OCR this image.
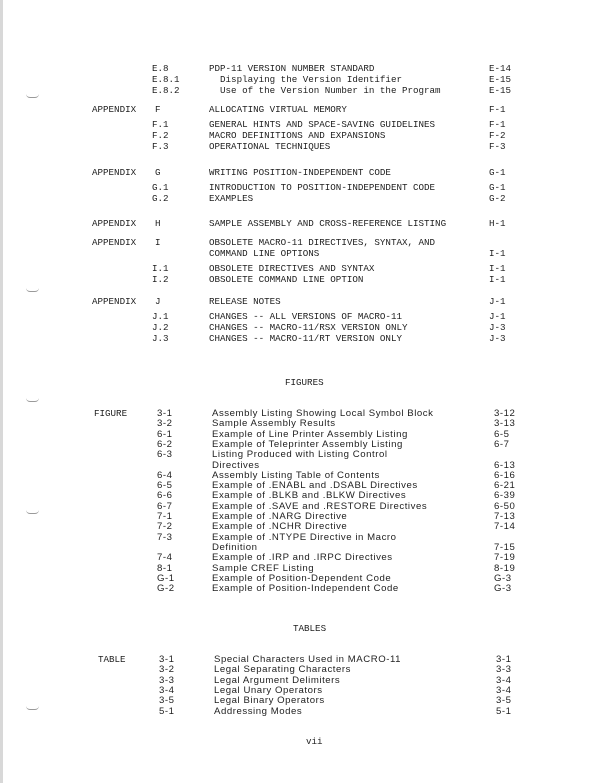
E.8	PDP-11 VERSION NUMBER STANDARD	E-14
E.8.1	Displaying the Version Identifier	E-15
E.8.2	Use of the Version Number in the Program	E-15
APPENDIX F	ALLOCATING VIRTUAL MEMORY	F-1
F.1	GENERAL HINTS AND SPACE-SAVING GUIDELINES	F-1
F.2	MACRO DEFINITIONS AND EXPANSIONS	F-2
F.3	OPERATIONAL TECHNIQUES	F-3
APPENDIX G	WRITING POSITION-INDEPENDENT CODE	G-1
G.1	INTRODUCTION TO POSITION-INDEPENDENT CODE	G-1
G.2	EXAMPLES	G-2
APPENDIX H	SAMPLE ASSEMBLY AND CROSS-REFERENCE LISTING	H-1
APPENDIX I	OBSOLETE MACRO-11 DIRECTIVES, SYNTAX, AND
COMMAND LINE OPTIONS	I-1
I.1	OBSOLETE DIRECTIVES AND SYNTAX	I-1
I.2	OBSOLETE COMMAND LINE OPTION	I-1
APPENDIX J	RELEASE NOTES	J-1
J.1	CHANGES -- ALL VERSIONS OF MACRO-11	J-1
J.2	CHANGES -- MACRO-11/RSX VERSION ONLY	J-3
J.3	CHANGES -- MACRO-11/RT VERSION ONLY	J-3
FIGURES
FIGURE	3-1	Assembly Listing Showing Local Symbol Block	3-12
3-2	Sample Assembly Results	3-13
6-1	Example of Line Printer Assembly Listing	6-5
6-2	Example of Teleprinter Assembly Listing	6-7
6-3	Listing Produced with Listing Control
Directives	6-13
6-4	Assembly Listing Table of Contents	6-16
6-5	Example of .ENABL and .DSABL Directives	6-21
6-6	Example of .BLKB and .BLKW Directives	6-39
6-7	Example of .SAVE and .RESTORE Directives	6-50
7-1	Example of .NARG Directive	7-13
7-2	Example of .NCHR Directive	7-14
7-3	Example of .NTYPE Directive in Macro
Definition	7-15
7-4	Example of .IRP and .IRPC Directives	7-19
8-1	Sample CREF Listing	8-19
G-1	Example of Position-Dependent Code	G-3
G-2	Example of Position-Independent Code	G-3
TABLES
TABLE	3-1	Special Characters Used in MACRO-11	3-1
3-2	Legal Separating Characters	3-3
3-3	Legal Argument Delimiters	3-4
3-4	Legal Unary Operators	3-4
3-5	Legal Binary Operators	3-5
5-1	Addressing Modes	5-1
vii
